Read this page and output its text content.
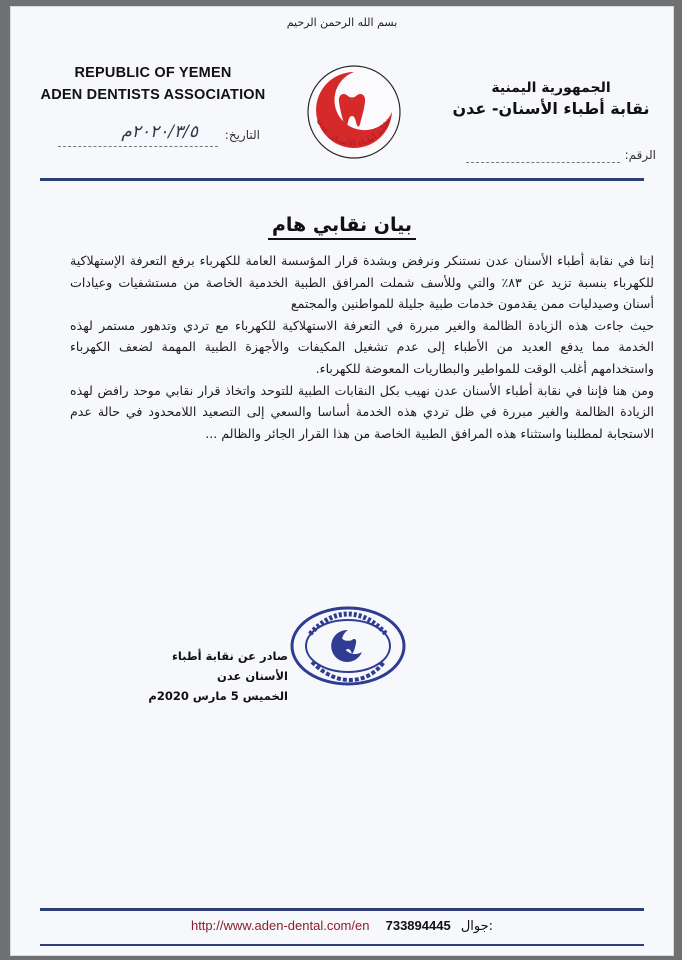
بسم الله الرحمن الرحيم
REPUBLIC OF YEMEN
ADEN DENTISTS ASSOCIATION	الجمهورية اليمنية
نقابة أطباء الأسنان- عدن
نقابة أطباء الأسنان عدن
التاريخ:
٢٠٢٠/٣/٥م
الرقم:
بيان نقابي هام

إننا في نقابة أطباء الأسنان عدن نستنكر ونرفض وبشدة قرار المؤسسة العامة للكهرباء برفع التعرفة الإستهلاكية للكهرباء بنسبة تزيد عن ٨٣٪ والتي وللأسف شملت المرافق الطبية الخدمية الخاصة من مستشفيات وعيادات أسنان وصيدليات ممن يقدمون خدمات طبية جليلة للمواطنين والمجتمع

حيث جاءت هذه الزيادة الظالمة والغير مبررة في التعرفة الاستهلاكية للكهرباء مع تردي وتدهور مستمر لهذه الخدمة مما يدفع العديد من الأطباء إلى عدم تشغيل المكيفات والأجهزة الطبية المهمة لضعف الكهرباء واستخدامهم أغلب الوقت للمواطير والبطاريات المعوضة للكهرباء.

ومن هنا فإننا في نقابة أطباء الأسنان عدن نهيب بكل النقابات الطبية للتوحد واتخاذ قرار نقابي موحد رافض لهذه الزيادة الظالمة والغير مبررة في ظل تردي هذه الخدمة أساسا والسعي إلى التصعيد اللامحدود في حالة عدم الاستجابة لمطلبنا واستثناء هذه المرافق الطبية الخاصة من هذا القرار الجائر والظالم ...

صادر عن نقابة أطباء الأسنان عدن
الخميس 5 مارس 2020م
http://www.aden-dental.com/en 733894445 جوال:
